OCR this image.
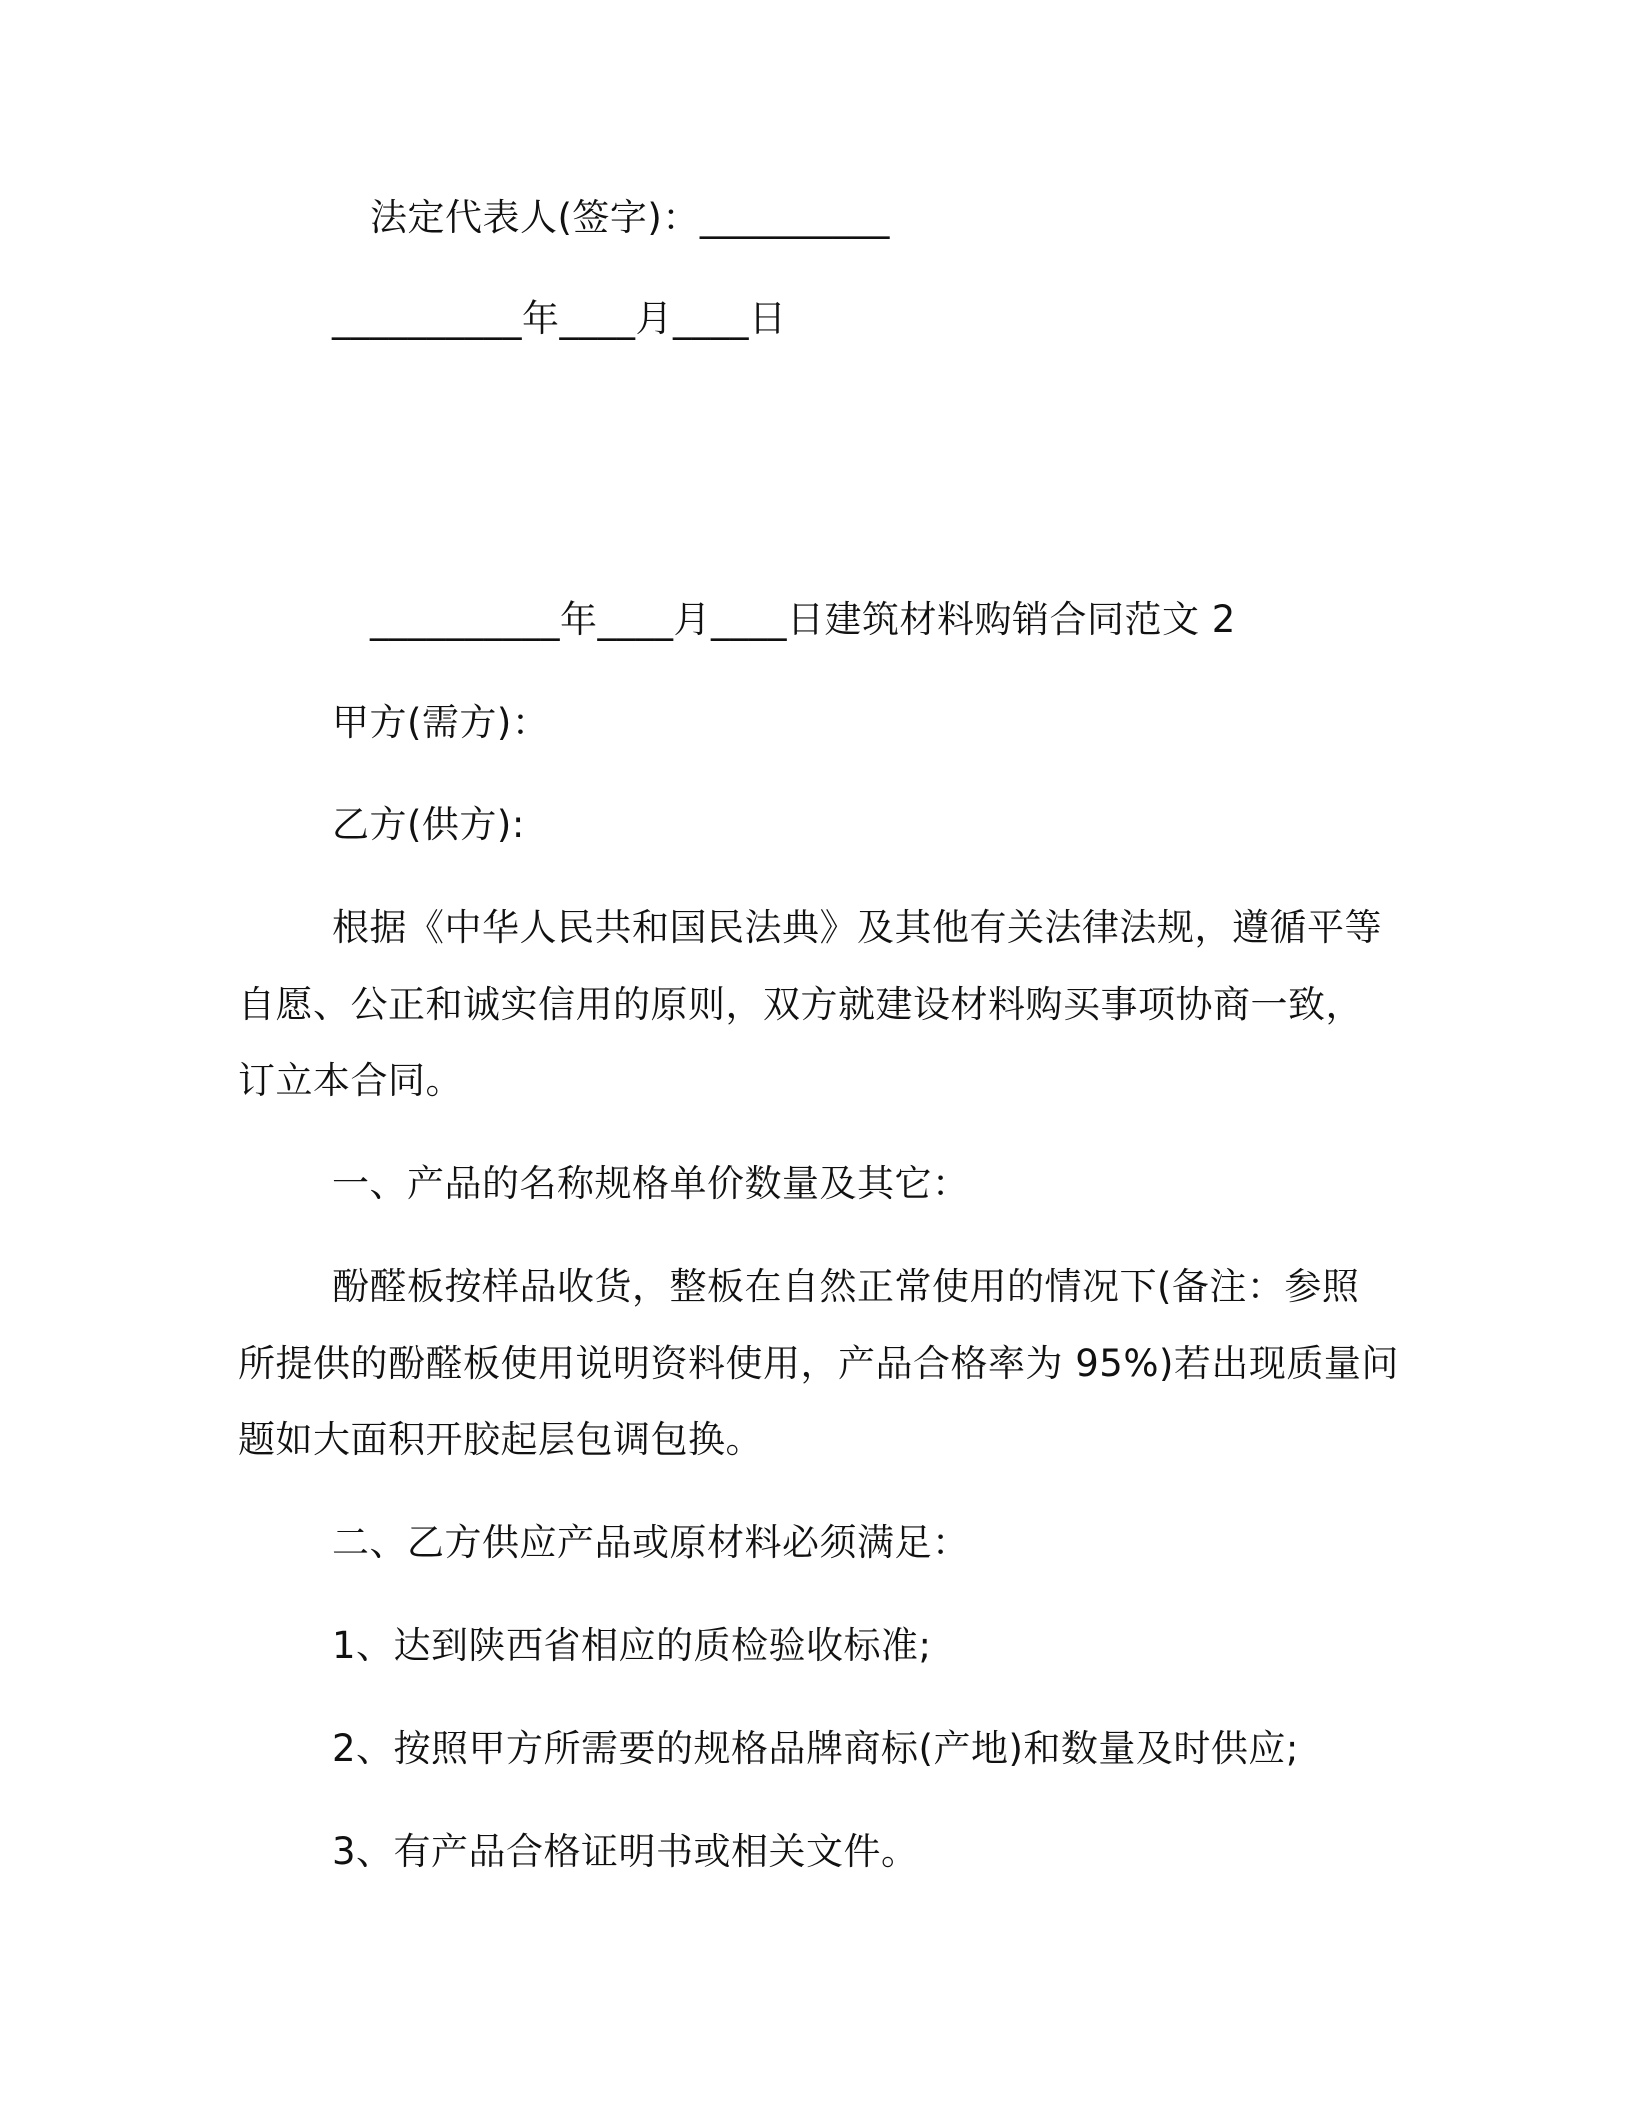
法定代表人(签字)：__________
__________年____月____日
__________年____月____日建筑材料购销合同范文 2
甲方(需方)：
乙方(供方):
根据《中华人民共和国民法典》及其他有关法律法规，遵循平等
自愿、公正和诚实信用的原则，双方就建设材料购买事项协商一致，
订立本合同。
一、产品的名称规格单价数量及其它：
酚醛板按样品收货，整板在自然正常使用的情况下(备注：参照
所提供的酚醛板使用说明资料使用，产品合格率为 95%)若出现质量问
题如大面积开胶起层包调包换。
二、乙方供应产品或原材料必须满足：
1、达到陕西省相应的质检验收标准;
2、按照甲方所需要的规格品牌商标(产地)和数量及时供应;
3、有产品合格证明书或相关文件。
